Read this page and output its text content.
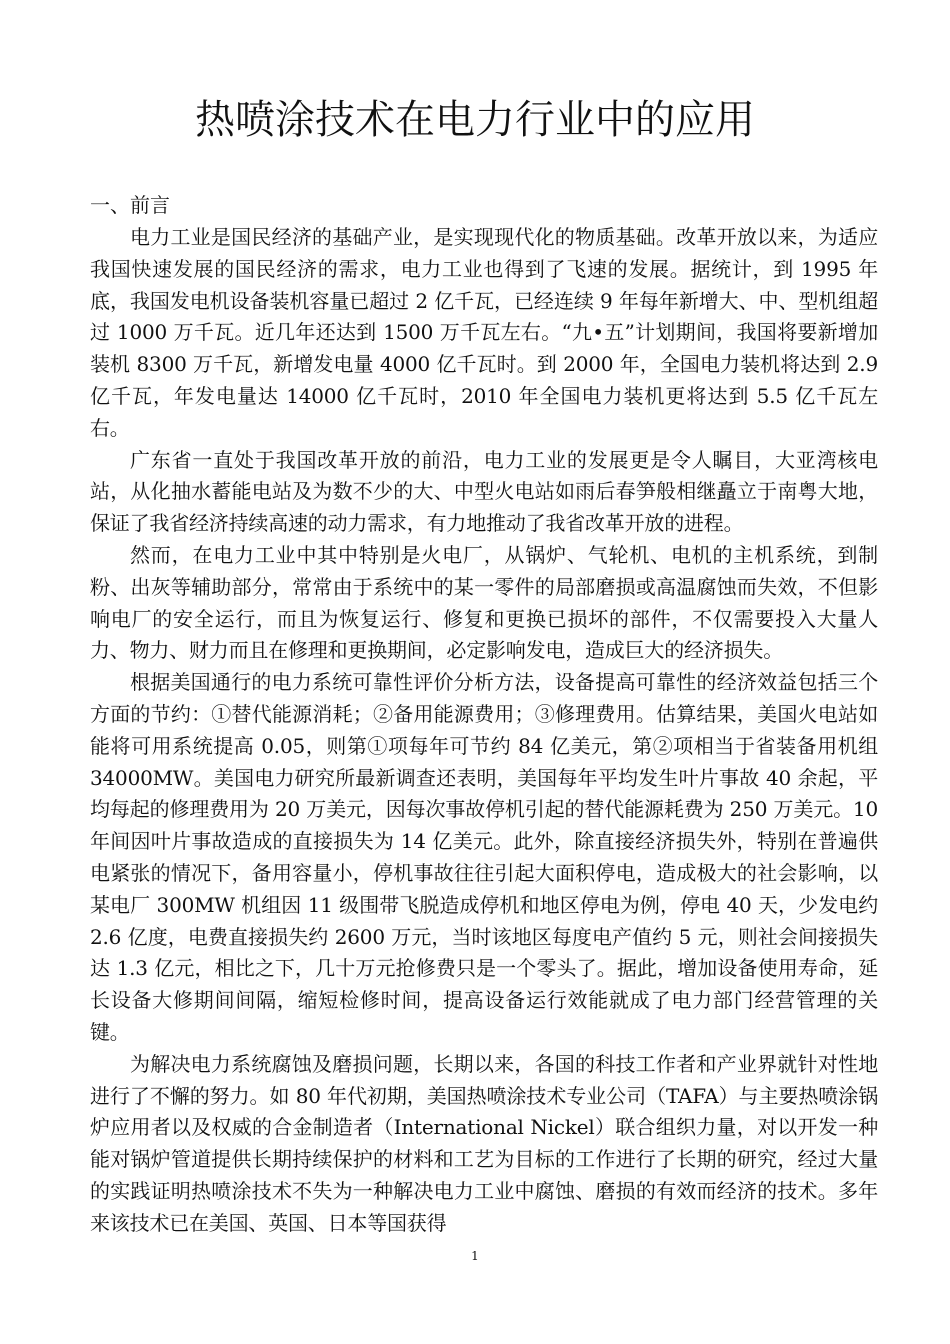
热喷涂技术在电力行业中的应用

一、前言

电力工业是国民经济的基础产业，是实现现代化的物质基础。改革开放以来，为适应我国快速发展的国民经济的需求，电力工业也得到了飞速的发展。据统计，到 1995 年底，我国发电机设备装机容量已超过 2 亿千瓦，已经连续 9 年每年新增大、中、型机组超过 1000 万千瓦。近几年还达到 1500 万千瓦左右。“九•五”计划期间，我国将要新增加装机 8300 万千瓦，新增发电量 4000 亿千瓦时。到 2000 年，全国电力装机将达到 2.9 亿千瓦，年发电量达 14000 亿千瓦时，2010 年全国电力装机更将达到 5.5 亿千瓦左右。

广东省一直处于我国改革开放的前沿，电力工业的发展更是令人瞩目，大亚湾核电站，从化抽水蓄能电站及为数不少的大、中型火电站如雨后春笋般相继矗立于南粤大地，保证了我省经济持续高速的动力需求，有力地推动了我省改革开放的进程。

然而，在电力工业中其中特别是火电厂，从锅炉、气轮机、电机的主机系统，到制粉、出灰等辅助部分，常常由于系统中的某一零件的局部磨损或高温腐蚀而失效，不但影响电厂的安全运行，而且为恢复运行、修复和更换已损坏的部件，不仅需要投入大量人力、物力、财力而且在修理和更换期间，必定影响发电，造成巨大的经济损失。

根据美国通行的电力系统可靠性评价分析方法，设备提高可靠性的经济效益包括三个方面的节约：①替代能源消耗；②备用能源费用；③修理费用。估算结果，美国火电站如能将可用系统提高 0.05，则第①项每年可节约 84 亿美元，第②项相当于省装备用机组 34000MW。美国电力研究所最新调查还表明，美国每年平均发生叶片事故 40 余起，平均每起的修理费用为 20 万美元，因每次事故停机引起的替代能源耗费为 250 万美元。10 年间因叶片事故造成的直接损失为 14 亿美元。此外，除直接经济损失外，特别在普遍供电紧张的情况下，备用容量小，停机事故往往引起大面积停电，造成极大的社会影响，以某电厂 300MW 机组因 11 级围带飞脱造成停机和地区停电为例，停电 40 天，少发电约 2.6 亿度，电费直接损失约 2600 万元，当时该地区每度电产值约 5 元，则社会间接损失达 1.3 亿元，相比之下，几十万元抢修费只是一个零头了。据此，增加设备使用寿命，延长设备大修期间间隔，缩短检修时间，提高设备运行效能就成了电力部门经营管理的关键。

为解决电力系统腐蚀及磨损问题，长期以来，各国的科技工作者和产业界就针对性地进行了不懈的努力。如 80 年代初期，美国热喷涂技术专业公司（TAFA）与主要热喷涂锅炉应用者以及权威的合金制造者（International Nickel）联合组织力量，对以开发一种能对锅炉管道提供长期持续保护的材料和工艺为目标的工作进行了长期的研究，经过大量的实践证明热喷涂技术不失为一种解决电力工业中腐蚀、磨损的有效而经济的技术。多年来该技术已在美国、英国、日本等国获得

1
